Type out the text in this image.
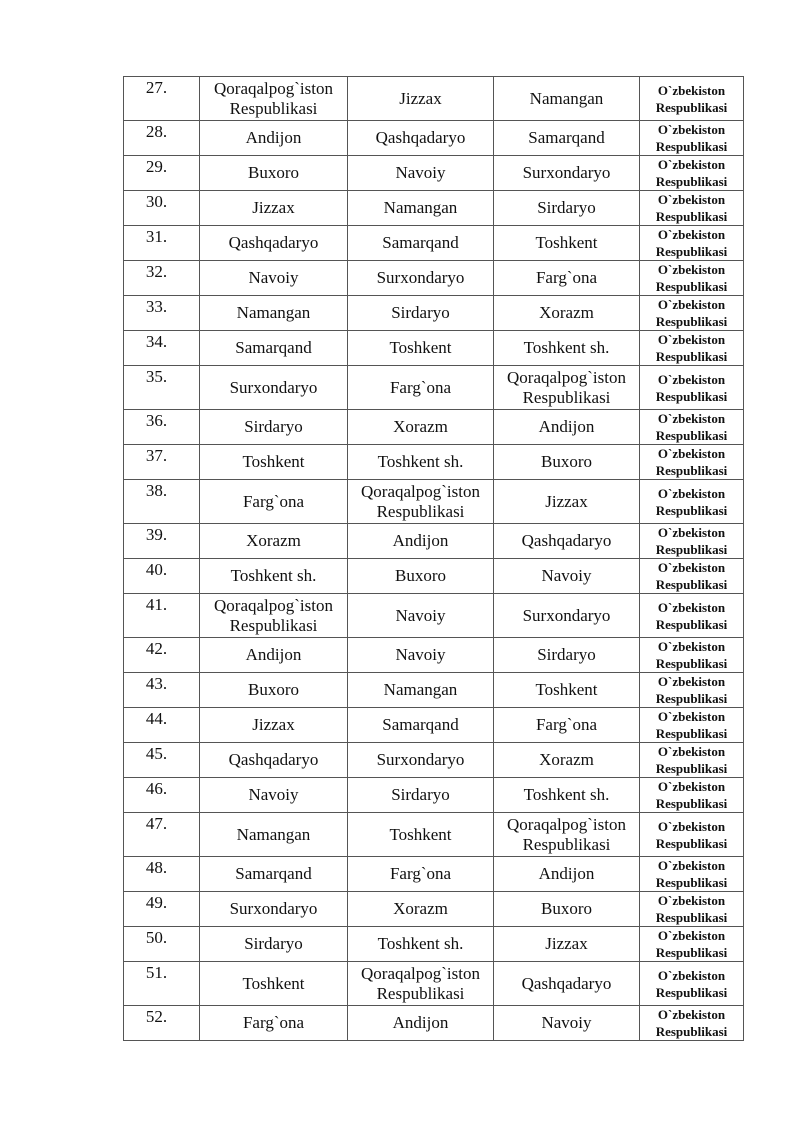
27.	Qoraqalpog`iston Respublikasi	Jizzax	Namangan	O`zbekiston Respublikasi
28.	Andijon	Qashqadaryo	Samarqand	O`zbekiston Respublikasi
29.	Buxoro	Navoiy	Surxondaryo	O`zbekiston Respublikasi
30.	Jizzax	Namangan	Sirdaryo	O`zbekiston Respublikasi
31.	Qashqadaryo	Samarqand	Toshkent	O`zbekiston Respublikasi
32.	Navoiy	Surxondaryo	Farg`ona	O`zbekiston Respublikasi
33.	Namangan	Sirdaryo	Xorazm	O`zbekiston Respublikasi
34.	Samarqand	Toshkent	Toshkent sh.	O`zbekiston Respublikasi
35.	Surxondaryo	Farg`ona	Qoraqalpog`iston Respublikasi	O`zbekiston Respublikasi
36.	Sirdaryo	Xorazm	Andijon	O`zbekiston Respublikasi
37.	Toshkent	Toshkent sh.	Buxoro	O`zbekiston Respublikasi
38.	Farg`ona	Qoraqalpog`iston Respublikasi	Jizzax	O`zbekiston Respublikasi
39.	Xorazm	Andijon	Qashqadaryo	O`zbekiston Respublikasi
40.	Toshkent sh.	Buxoro	Navoiy	O`zbekiston Respublikasi
41.	Qoraqalpog`iston Respublikasi	Navoiy	Surxondaryo	O`zbekiston Respublikasi
42.	Andijon	Navoiy	Sirdaryo	O`zbekiston Respublikasi
43.	Buxoro	Namangan	Toshkent	O`zbekiston Respublikasi
44.	Jizzax	Samarqand	Farg`ona	O`zbekiston Respublikasi
45.	Qashqadaryo	Surxondaryo	Xorazm	O`zbekiston Respublikasi
46.	Navoiy	Sirdaryo	Toshkent sh.	O`zbekiston Respublikasi
47.	Namangan	Toshkent	Qoraqalpog`iston Respublikasi	O`zbekiston Respublikasi
48.	Samarqand	Farg`ona	Andijon	O`zbekiston Respublikasi
49.	Surxondaryo	Xorazm	Buxoro	O`zbekiston Respublikasi
50.	Sirdaryo	Toshkent sh.	Jizzax	O`zbekiston Respublikasi
51.	Toshkent	Qoraqalpog`iston Respublikasi	Qashqadaryo	O`zbekiston Respublikasi
52.	Farg`ona	Andijon	Navoiy	O`zbekiston Respublikasi
